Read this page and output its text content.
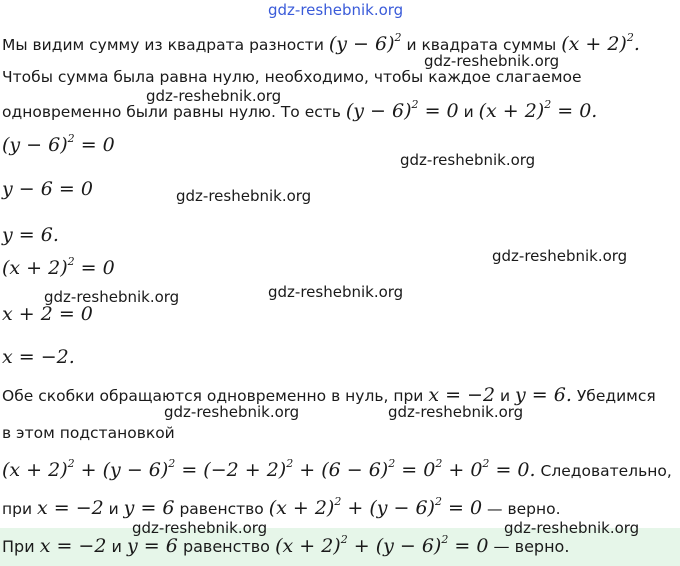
gdz-reshebnik.org
Мы видим сумму из квадрата разности $(y - 6)^2$ и квадрата суммы $(x + 2)^2$.
gdz-reshebnik.org
Чтобы сумма была равна нулю, необходимо, чтобы каждое слагаемое
gdz-reshebnik.org
одновременно были равны нулю. То есть $(y - 6)^2 = 0$ и $(x + 2)^2 = 0$.
$(y - 6)^2 = 0$
gdz-reshebnik.org
y − 6 = 0	gdz-reshebnik.org
y = 6.
gdz-reshebnik.org
$(x + 2)^2 = 0$
gdz-reshebnik.org
gdz-reshebnik.org
x + 2 = 0
x = −2.
Обе скобки обращаются одновременно в нуль, при x = −2 и y = 6. Убедимся
gdz-reshebnik.org	gdz-reshebnik.org
в этом подстановкой
$(x + 2)^2 + (y - 6)^2 = (-2 + 2)^2 + (6 - 6)^2 = 0^2 + 0^2 = 0$. Следовательно,
при x = −2 и y = 6 равенство $(x + 2)^2 + (y - 6)^2 = 0$ — верно.
При x = −2 и y = 6 равенство $(x + 2)^2 + (y - 6)^2 = 0$ — верно.
gdz-reshebnik.org	gdz-reshebnik.org
